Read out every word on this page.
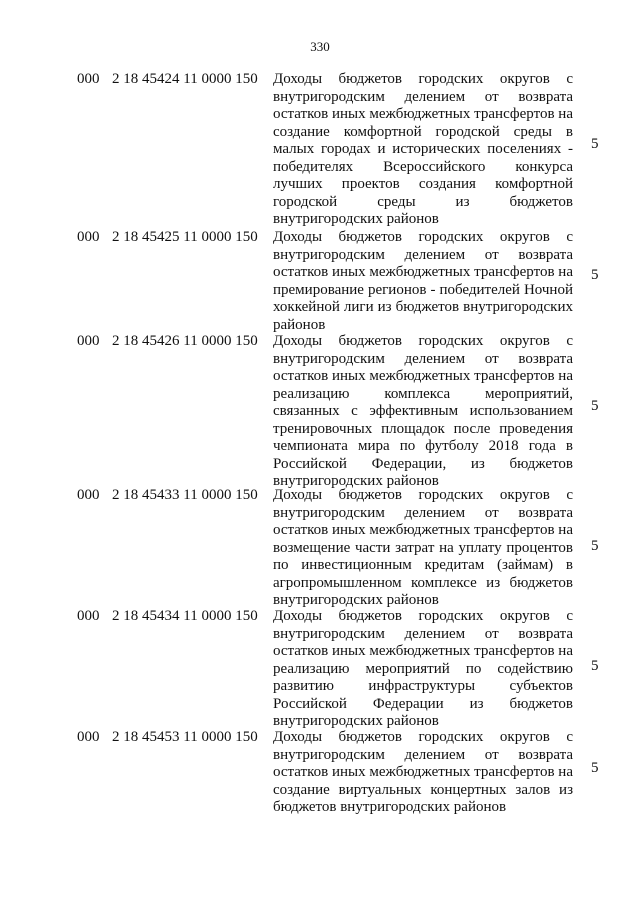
330
000 2 18 45424 11 0000 150 Доходы бюджетов городских округов с внутригородским делением от возврата остатков иных межбюджетных трансфертов на создание комфортной городской среды в малых городах и исторических поселениях - победителях Всероссийского конкурса лучших проектов создания комфортной городской среды из бюджетов внутригородских районов
5
000 2 18 45425 11 0000 150 Доходы бюджетов городских округов с внутригородским делением от возврата остатков иных межбюджетных трансфертов на премирование регионов - победителей Ночной хоккейной лиги из бюджетов внутригородских районов
5
000 2 18 45426 11 0000 150 Доходы бюджетов городских округов с внутригородским делением от возврата остатков иных межбюджетных трансфертов на реализацию комплекса мероприятий, связанных с эффективным использованием тренировочных площадок после проведения чемпионата мира по футболу 2018 года в Российской Федерации, из бюджетов внутригородских районов
5
000 2 18 45433 11 0000 150 Доходы бюджетов городских округов с внутригородским делением от возврата остатков иных межбюджетных трансфертов на возмещение части затрат на уплату процентов по инвестиционным кредитам (займам) в агропромышленном комплексе из бюджетов внутригородских районов
5
000 2 18 45434 11 0000 150 Доходы бюджетов городских округов с внутригородским делением от возврата остатков иных межбюджетных трансфертов на реализацию мероприятий по содействию развитию инфраструктуры субъектов Российской Федерации из бюджетов внутригородских районов
5
000 2 18 45453 11 0000 150 Доходы бюджетов городских округов с внутригородским делением от возврата остатков иных межбюджетных трансфертов на создание виртуальных концертных залов из бюджетов внутригородских районов
5
